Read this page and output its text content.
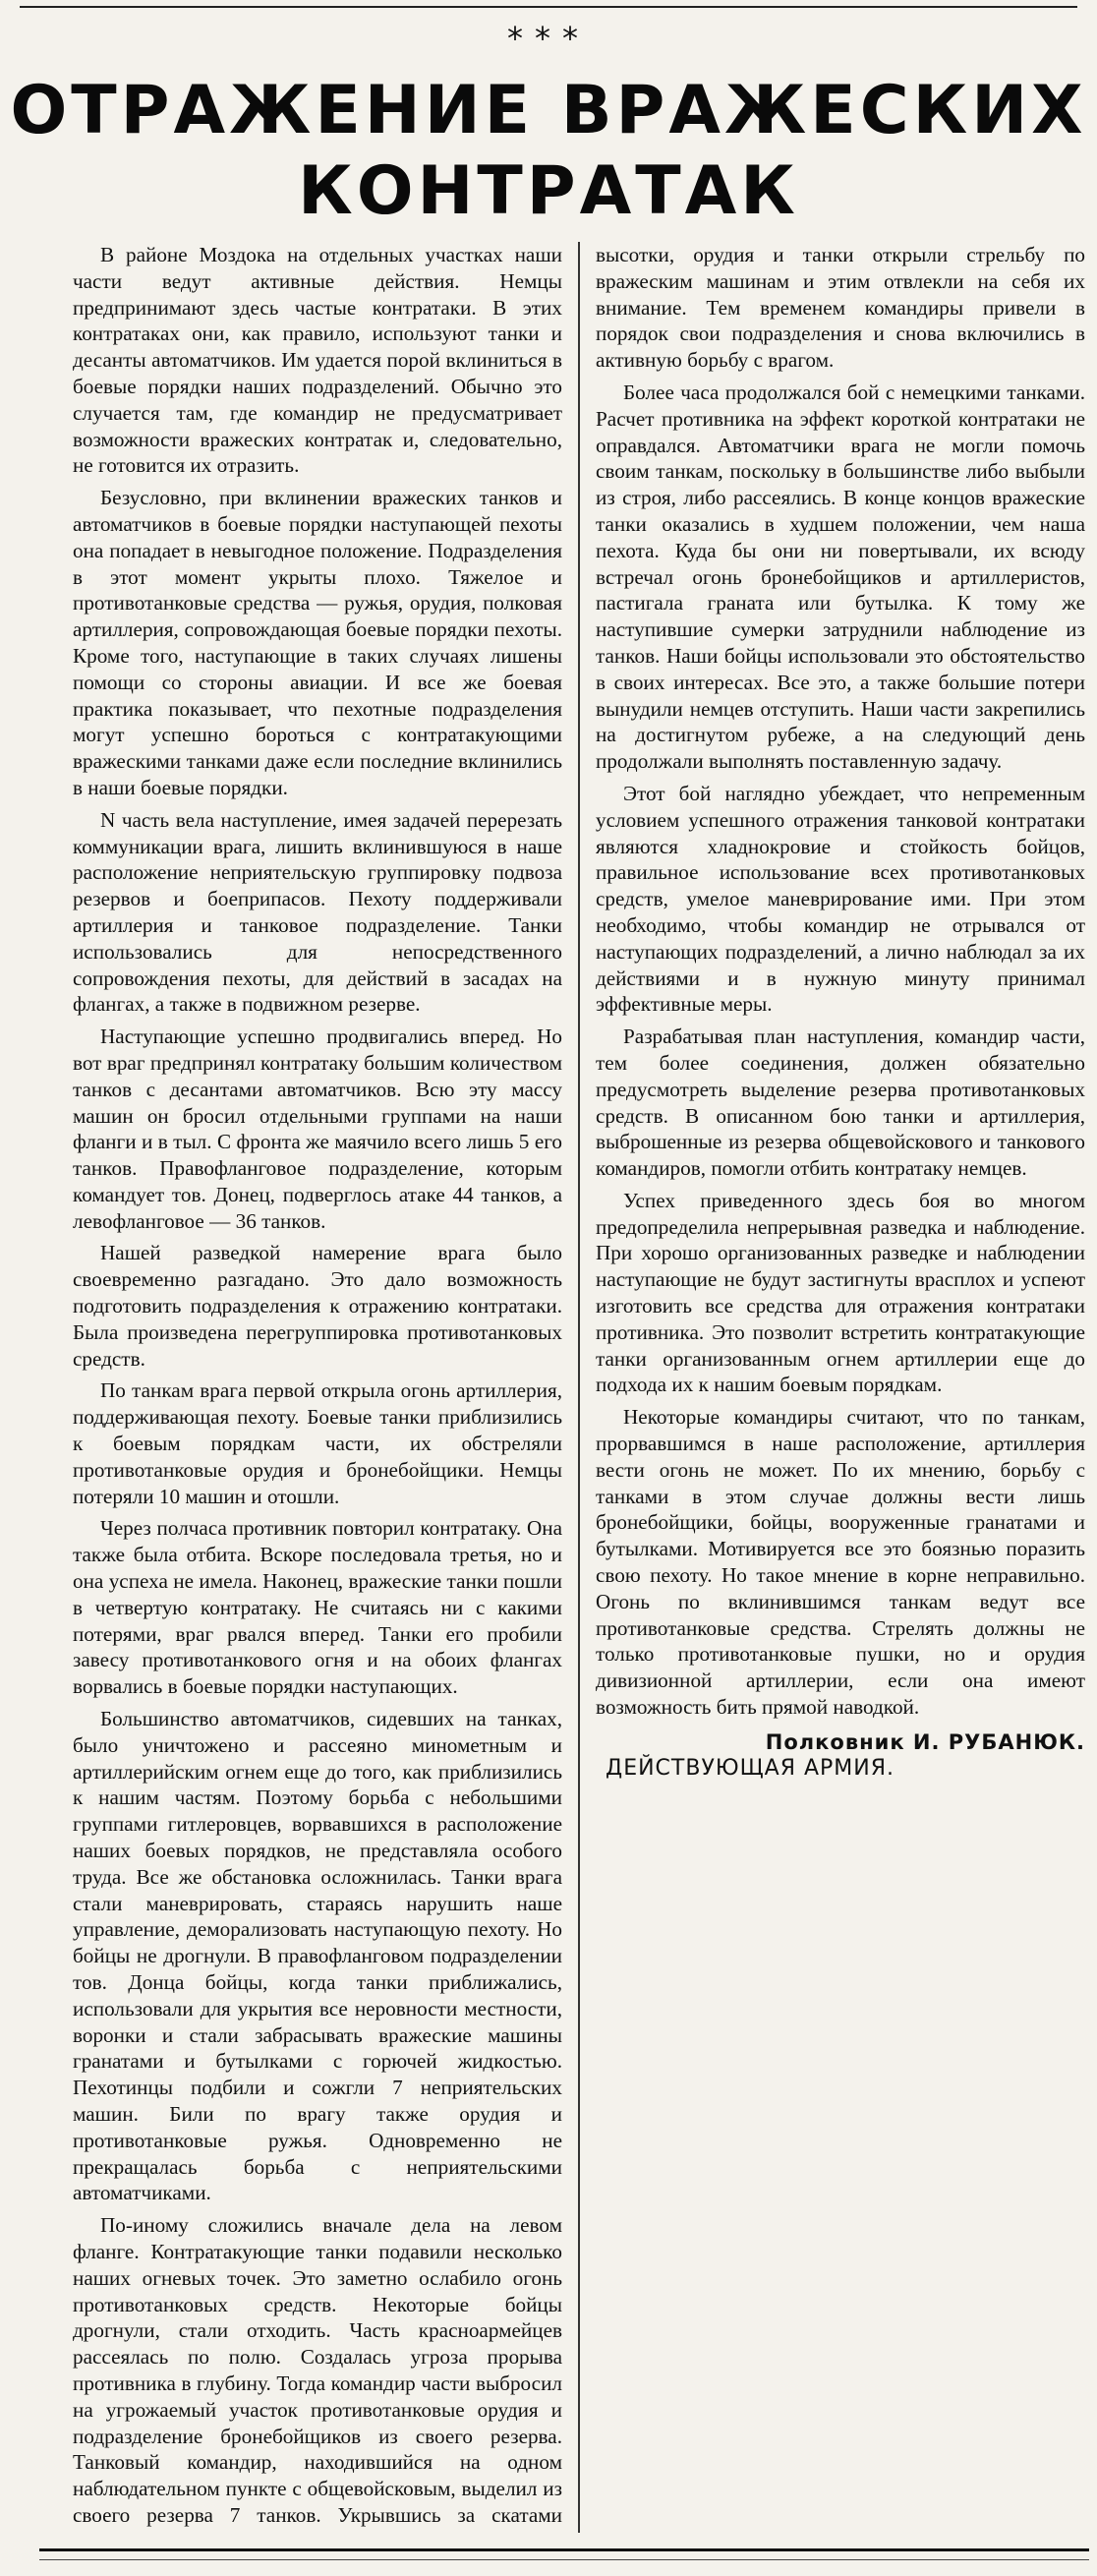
***
ОТРАЖЕНИЕ ВРАЖЕСКИХ
КОНТРАТАК

В районе Моздока на отдельных участках наши части ведут активные действия. Немцы предпринимают здесь частые контратаки. В этих контратаках они, как правило, используют танки и десанты автоматчиков. Им удается порой вклиниться в боевые порядки наших подразделений. Обычно это случается там, где командир не предусматривает возможности вражеских контратак и, следовательно, не готовится их отразить.

Безусловно, при вклинении вражеских танков и автоматчиков в боевые порядки наступающей пехоты она попадает в невыгодное положение. Подразделения в этот момент укрыты плохо. Тяжелое и противотанковые средства — ружья, орудия, полковая артиллерия, сопровождающая боевые порядки пехоты. Кроме того, наступающие в таких случаях лишены помощи со стороны авиации. И все же боевая практика показывает, что пехотные подразделения могут успешно бороться с контратакующими вражескими танками даже если последние вклинились в наши боевые порядки.

N часть вела наступление, имея задачей перерезать коммуникации врага, лишить вклинившуюся в наше расположение неприятельскую группировку подвоза резервов и боеприпасов. Пехоту поддерживали артиллерия и танковое подразделение. Танки использовались для непосредственного сопровождения пехоты, для действий в засадах на флангах, а также в подвижном резерве.

Наступающие успешно продвигались вперед. Но вот враг предпринял контратаку большим количеством танков с десантами автоматчиков. Всю эту массу машин он бросил отдельными группами на наши фланги и в тыл. С фронта же маячило всего лишь 5 его танков. Правофланговое подразделение, которым командует тов. Донец, подверглось атаке 44 танков, а левофланговое — 36 танков.

Нашей разведкой намерение врага было своевременно разгадано. Это дало возможность подготовить подразделения к отражению контратаки. Была произведена перегруппировка противотанковых средств.

По танкам врага первой открыла огонь артиллерия, поддерживающая пехоту. Боевые танки приблизились к боевым порядкам части, их обстреляли противотанковые орудия и бронебойщики. Немцы потеряли 10 машин и отошли.

Через полчаса противник повторил контратаку. Она также была отбита. Вскоре последовала третья, но и она успеха не имела. Наконец, вражеские танки пошли в четвертую контратаку. Не считаясь ни с какими потерями, враг рвался вперед. Танки его пробили завесу противотанкового огня и на обоих флангах ворвались в боевые порядки наступающих.

Большинство автоматчиков, сидевших на танках, было уничтожено и рассеяно минометным и артиллерийским огнем еще до того, как приблизились к нашим частям. Поэтому борьба с небольшими группами гитлеровцев, ворвавшихся в расположение наших боевых порядков, не представляла особого труда. Все же обстановка осложнилась. Танки врага стали маневрировать, стараясь нарушить наше управление, деморализовать наступающую пехоту. Но бойцы не дрогнули. В правофланговом подразделении тов. Донца бойцы, когда танки приближались, использовали для укрытия все неровности местности, воронки и стали забрасывать вражеские машины гранатами и бутылками с горючей жидкостью. Пехотинцы подбили и сожгли 7 неприятельских машин. Били по врагу также орудия и противотанковые ружья. Одновременно не прекращалась борьба с неприятельскими автоматчиками.

По-иному сложились вначале дела на левом фланге. Контратакующие танки подавили несколько наших огневых точек. Это заметно ослабило огонь противотанковых средств. Некоторые бойцы дрогнули, стали отходить. Часть красноармейцев рассеялась по полю. Создалась угроза прорыва противника в глубину. Тогда командир части выбросил на угрожаемый участок противотанковые орудия и подразделение бронебойщиков из своего резерва. Танковый командир, находившийся на одном наблюдательном пункте с общевойсковым, выделил из своего резерва 7 танков. Укрывшись за скатами высотки, орудия и танки открыли стрельбу по вражеским машинам и этим отвлекли на себя их внимание. Тем временем командиры привели в порядок свои подразделения и снова включились в активную борьбу с врагом.

Более часа продолжался бой с немецкими танками. Расчет противника на эффект короткой контратаки не оправдался. Автоматчики врага не могли помочь своим танкам, поскольку в большинстве либо выбыли из строя, либо рассеялись. В конце концов вражеские танки оказались в худшем положении, чем наша пехота. Куда бы они ни повертывали, их всюду встречал огонь бронебойщиков и артиллеристов, пастигала граната или бутылка. К тому же наступившие сумерки затруднили наблюдение из танков. Наши бойцы использовали это обстоятельство в своих интересах. Все это, а также большие потери вынудили немцев отступить. Наши части закрепились на достигнутом рубеже, а на следующий день продолжали выполнять поставленную задачу.

Этот бой наглядно убеждает, что непременным условием успешного отражения танковой контратаки являются хладнокровие и стойкость бойцов, правильное использование всех противотанковых средств, умелое маневрирование ими. При этом необходимо, чтобы командир не отрывался от наступающих подразделений, а лично наблюдал за их действиями и в нужную минуту принимал эффективные меры.

Разрабатывая план наступления, командир части, тем более соединения, должен обязательно предусмотреть выделение резерва противотанковых средств. В описанном бою танки и артиллерия, выброшенные из резерва общевойскового и танкового командиров, помогли отбить контратаку немцев.

Успех приведенного здесь боя во многом предопределила непрерывная разведка и наблюдение. При хорошо организованных разведке и наблюдении наступающие не будут застигнуты врасплох и успеют изготовить все средства для отражения контратаки противника. Это позволит встретить контратакующие танки организованным огнем артиллерии еще до подхода их к нашим боевым порядкам.

Некоторые командиры считают, что по танкам, прорвавшимся в наше расположение, артиллерия вести огонь не может. По их мнению, борьбу с танками в этом случае должны вести лишь бронебойщики, бойцы, вооруженные гранатами и бутылками. Мотивируется все это боязнью поразить свою пехоту. Но такое мнение в корне неправильно. Огонь по вклинившимся танкам ведут все противотанковые средства. Стрелять должны не только противотанковые пушки, но и орудия дивизионной артиллерии, если она имеют возможность бить прямой наводкой.

Полковник И. РУБАНЮК.

ДЕЙСТВУЮЩАЯ АРМИЯ.
